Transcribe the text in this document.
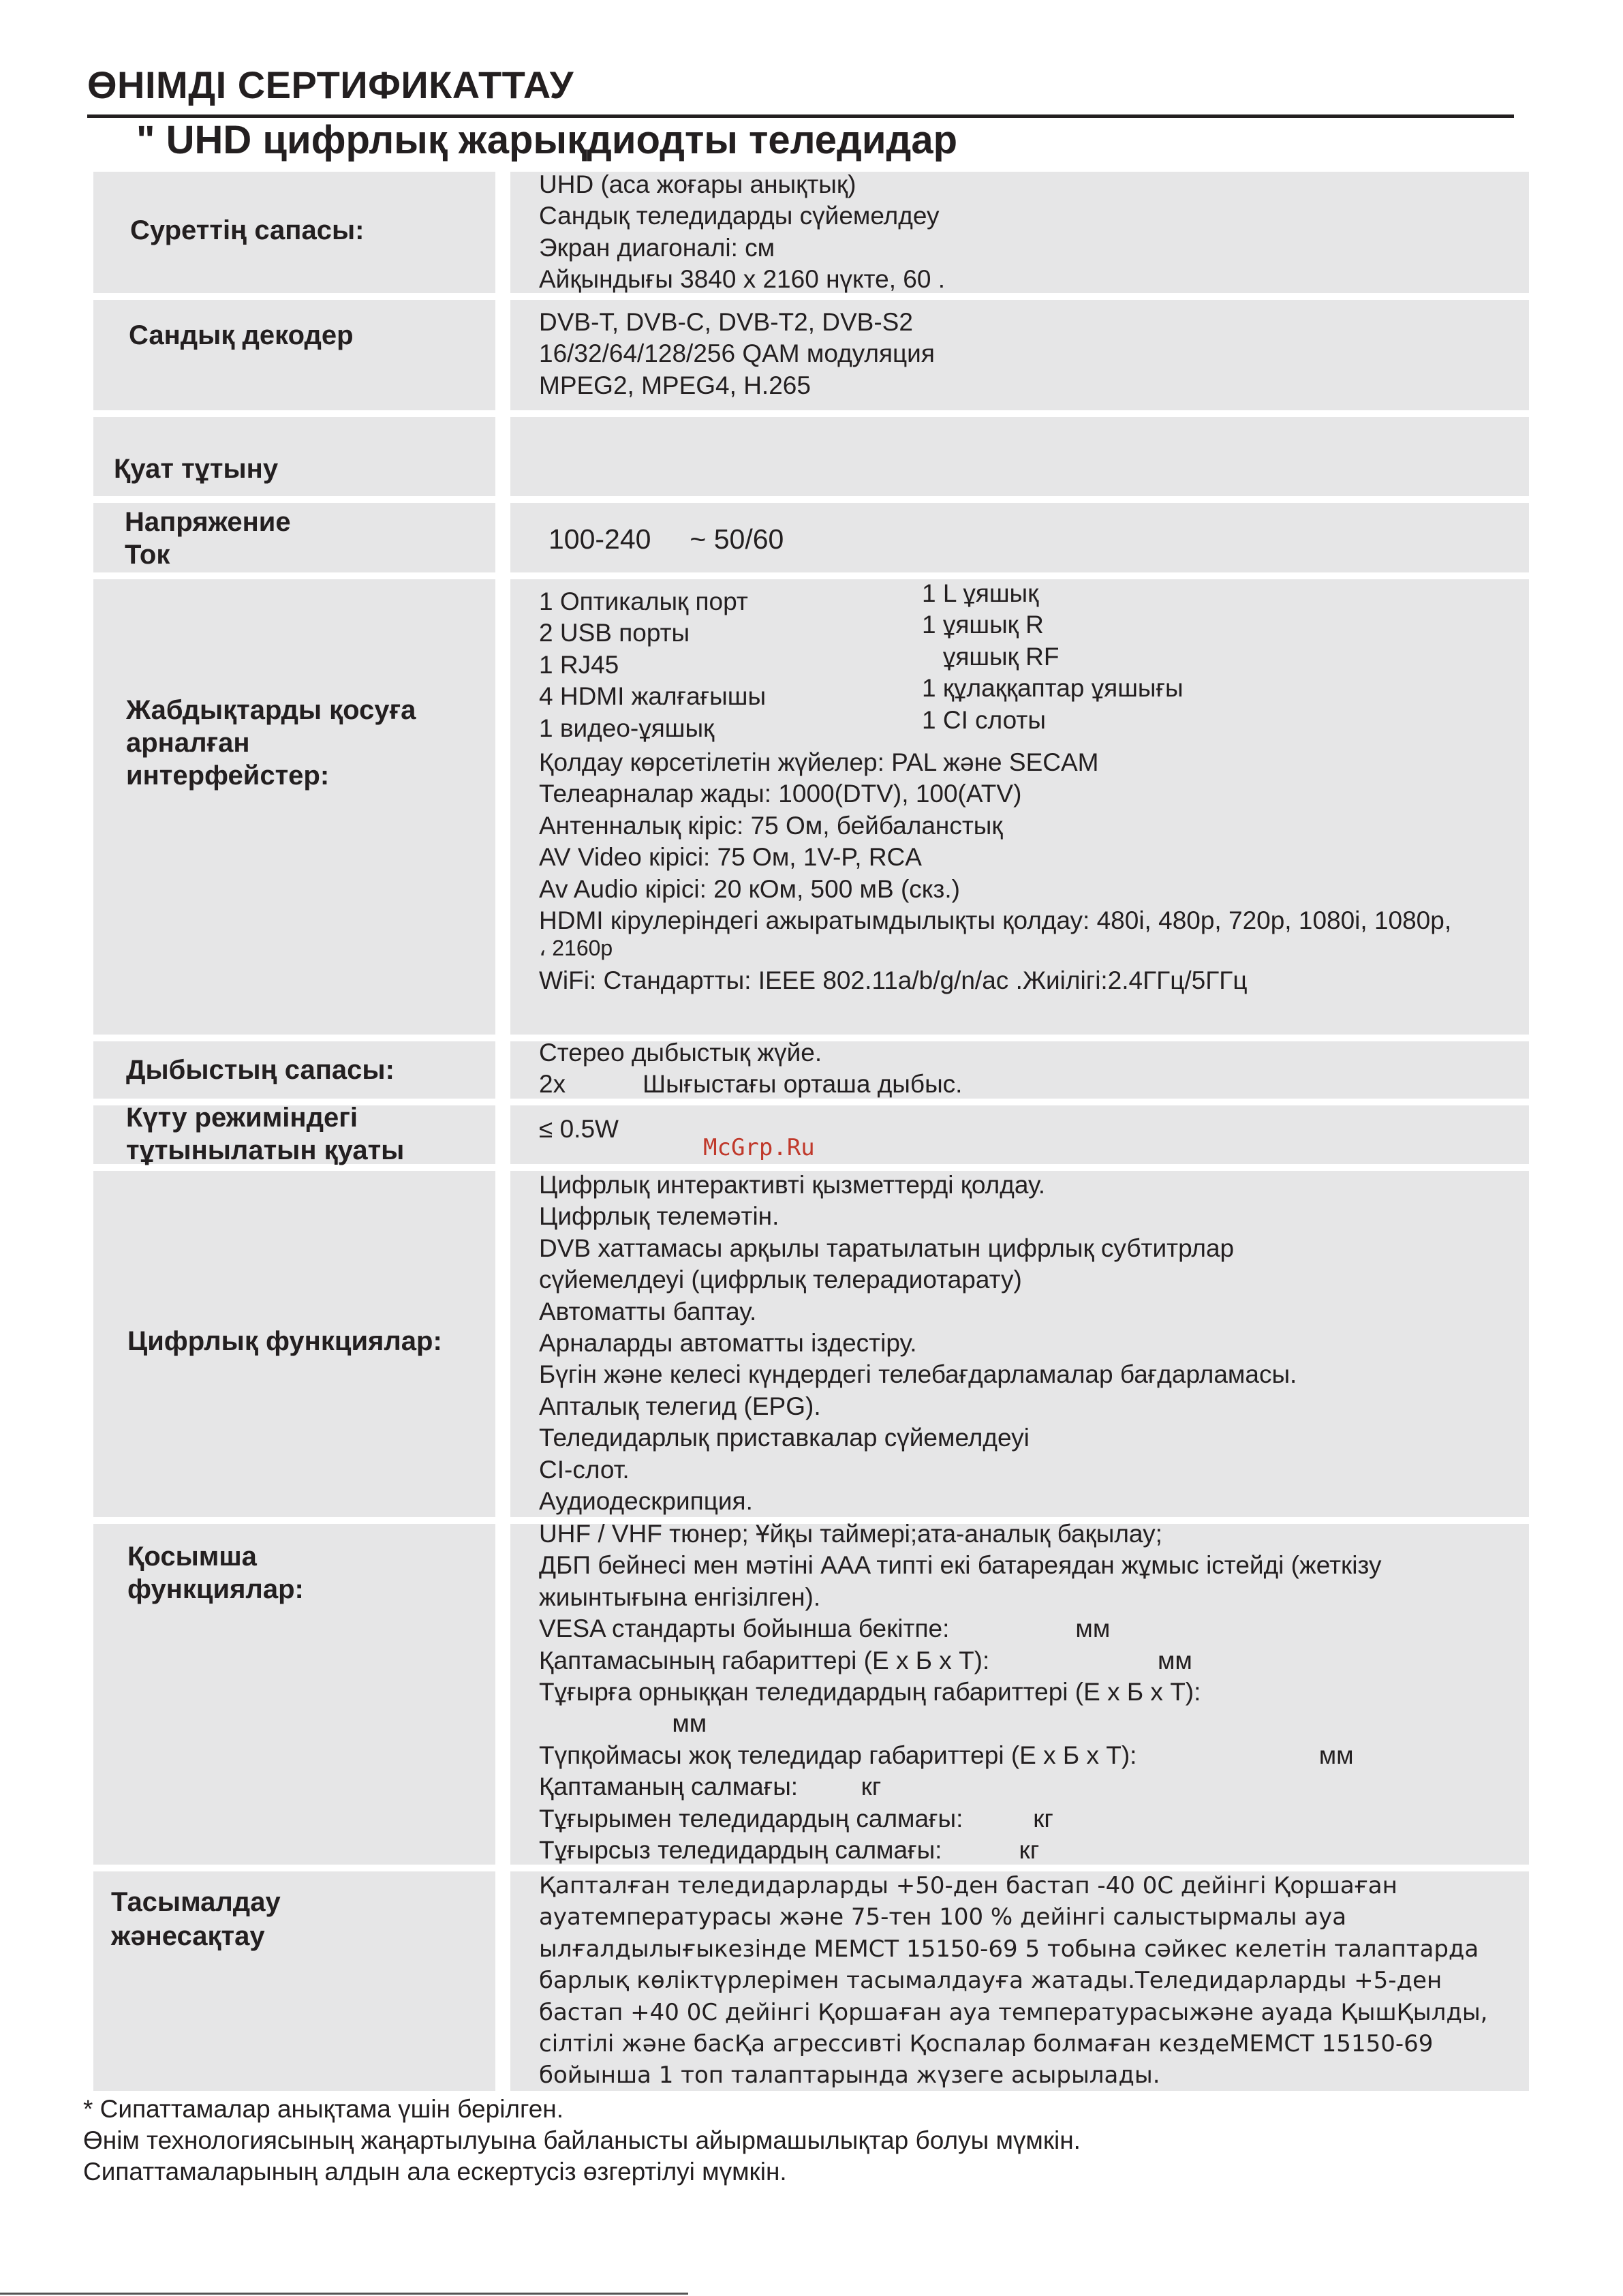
ӨНІМДІ СЕРТИФИКАТТАУ
" UHD цифрлық жарықдиодты теледидар
Суреттің сапасы:
UHD (аса жоғары анықтық)
Сандық теледидарды сүйемелдеу
Экран диагоналі: см
Айқындығы 3840 x 2160 нүкте, 60 .
Сандық декодер	DVB-T, DVB-C, DVB-T2, DVB-S2
16/32/64/128/256 QAM модуляция
MPEG2, MPEG4, H.265
Қуат тұтыну
Напряжение
Ток	100-240     ~ 50/60
Жабдықтарды қосуға
арналған
интерфейстер:
1 Оптикалық порт
2 USB порты
1 RJ45
4 HDMI жалғағышы
1 видео-ұяшық
1 L ұяшық
1 ұяшық R
ұяшық RF
1 құлаққаптар ұяшығы
1 CI слоты
Қолдау көрсетілетін жүйелер: PAL және SECAM
Телеарналар жады: 1000(DTV), 100(ATV)
Антенналық кіріс: 75 Ом, бейбаланстық
AV Video кірісі: 75 Ом, 1V-P, RCA
Av Audio кірісі: 20 кОм, 500 мВ (скз.)
HDMI кірулеріндегі ажыратымдылықты қолдау: 480i, 480p, 720p, 1080i, 1080p,
، 2160p
WiFi: Стандартты: IEEE 802.11a/b/g/n/ac .Жиілігі:2.4ГГц/5ГГц
Дыбыстың сапасы:
Стерео дыбыстық жүйе.
2x           Шығыстағы орташа дыбыс.
Күту режиміндегі
тұтынылатын қуаты
≤ 0.5W
Цифрлық функциялар:
Цифрлық интерактивті қызметтерді қолдау.
Цифрлық телемәтін.
DVB хаттамасы арқылы таратылатын цифрлық субтитрлар
сүйемелдеуі (цифрлық телерадиотарату)
Автоматты баптау.
Арналарды автоматты іздестіру.
Бүгін және келесі күндердегі телебағдарламалар бағдарламасы.
Апталық телегид (EPG).
Теледидарлық приставкалар сүйемелдеуі
CI-слот.
Аудиодескрипция.
Қосымша
функциялар:
UHF / VHF тюнер; Ұйқы таймері;ата-аналық бақылау;
ДБП бейнесі мен мәтіні AAA типті екі батареядан жұмыс істейді (жеткізу
жиынтығына енгізілген).
VESA стандарты бойынша бекітпе:                  мм
Қаптамасының габариттері (Е x Б x Т):                        мм
Тұғырға орныққан теледидардың габариттері (Е x Б x Т):
мм
Түпқоймасы жоқ теледидар габариттері (Е x Б x Т):                          мм
Қаптаманың салмағы:         кг
Тұғырымен теледидардың салмағы:          кг
Тұғырсыз теледидардың салмағы:           кг
Тасымалдау
жәнесақтау
Қапталған теледидарларды +50-ден бастап -40 0С дейінгі Қоршаған
ауатемпературасы және 75-тен 100 % дейінгі салыстырмалы ауа
ылғалдылығыкезінде МЕМСТ 15150-69 5 тобына сәйкес келетін талаптарда
барлық көліктүрлерімен тасымалдауға жатады.Теледидарларды +5-ден
бастап +40 0С дейінгі Қоршаған ауа температурасыжәне ауада ҚышҚылды,
сілтілі және басҚа агрессивті Қоспалар болмаған кездеМЕМСТ 15150-69
бойынша 1 топ талаптарында жүзеге асырылады.
McGrp.Ru
* Сипаттамалар анықтама үшін берілген.
Өнім технологиясының жаңартылуына байланысты айырмашылықтар болуы мүмкін.
Сипаттамаларының алдын ала ескертусіз өзгертілуі мүмкін.
